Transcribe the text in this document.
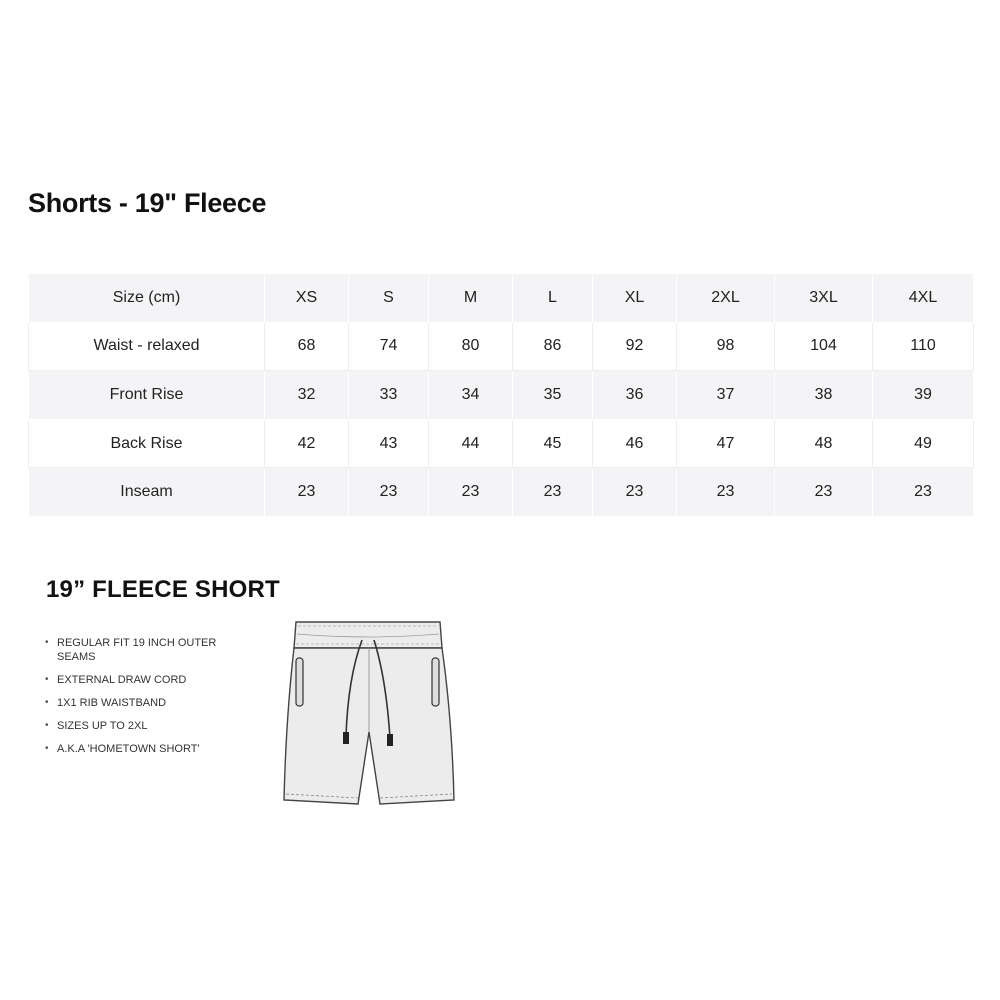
Shorts - 19" Fleece
Size (cm)	XS	S	M	L	XL	2XL	3XL	4XL
Waist - relaxed	68	74	80	86	92	98	104	110
Front Rise	32	33	34	35	36	37	38	39
Back Rise	42	43	44	45	46	47	48	49
Inseam	23	23	23	23	23	23	23	23
19” FLEECE SHORT
• REGULAR FIT 19 INCH OUTER SEAMS
• EXTERNAL DRAW CORD
• 1X1 RIB WAISTBAND
• SIZES UP TO 2XL
• A.K.A 'HOMETOWN SHORT'
